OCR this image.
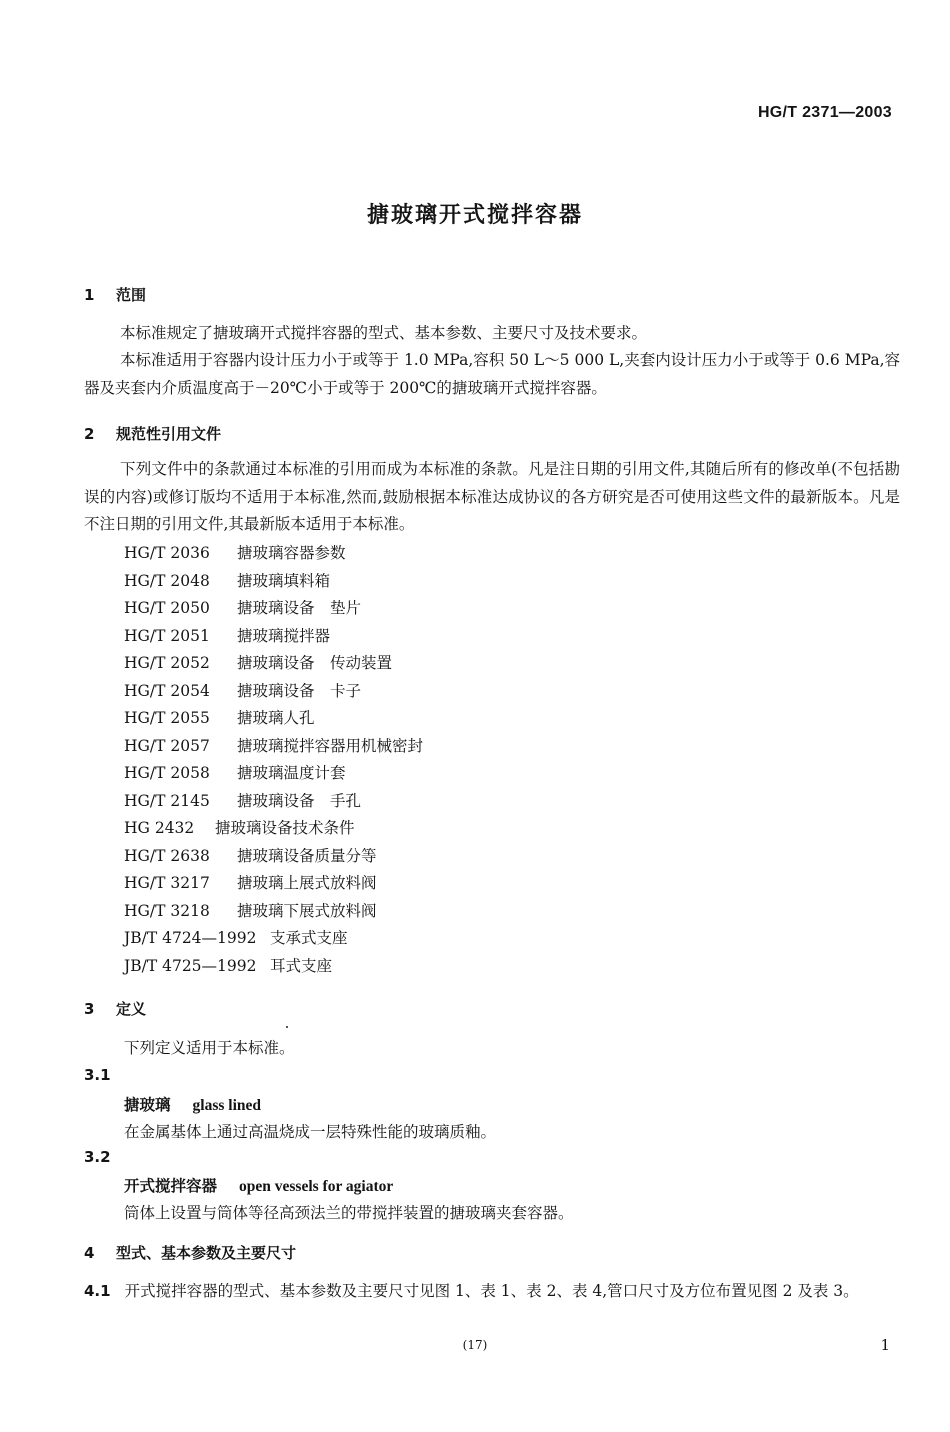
HG/T 2371—2003
搪玻璃开式搅拌容器
1 范围
本标准规定了搪玻璃开式搅拌容器的型式、基本参数、主要尺寸及技术要求。
本标准适用于容器内设计压力小于或等于 1.0 MPa,容积 50 L～5 000 L,夹套内设计压力小于或等于 0.6 MPa,容器及夹套内介质温度高于－20℃小于或等于 200℃的搪玻璃开式搅拌容器。
2 规范性引用文件
下列文件中的条款通过本标准的引用而成为本标准的条款。凡是注日期的引用文件,其随后所有的修改单(不包括勘误的内容)或修订版均不适用于本标准,然而,鼓励根据本标准达成协议的各方研究是否可使用这些文件的最新版本。凡是不注日期的引用文件,其最新版本适用于本标准。
HG/T 2036 搪玻璃容器参数
HG/T 2048 搪玻璃填料箱
HG/T 2050 搪玻璃设备　垫片
HG/T 2051 搪玻璃搅拌器
HG/T 2052 搪玻璃设备　传动装置
HG/T 2054 搪玻璃设备　卡子
HG/T 2055 搪玻璃人孔
HG/T 2057 搪玻璃搅拌容器用机械密封
HG/T 2058 搪玻璃温度计套
HG/T 2145 搪玻璃设备　手孔
HG 2432 搪玻璃设备技术条件
HG/T 2638 搪玻璃设备质量分等
HG/T 3217 搪玻璃上展式放料阀
HG/T 3218 搪玻璃下展式放料阀
JB/T 4724—1992 支承式支座
JB/T 4725—1992 耳式支座
3 定义
下列定义适用于本标准。
3.1
搪玻璃 glass lined
在金属基体上通过高温烧成一层特殊性能的玻璃质釉。
3.2
开式搅拌容器 open vessels for agiator
筒体上设置与筒体等径高颈法兰的带搅拌装置的搪玻璃夹套容器。
4 型式、基本参数及主要尺寸
4.1 开式搅拌容器的型式、基本参数及主要尺寸见图 1、表 1、表 2、表 4,管口尺寸及方位布置见图 2 及表 3。
(17)	1
